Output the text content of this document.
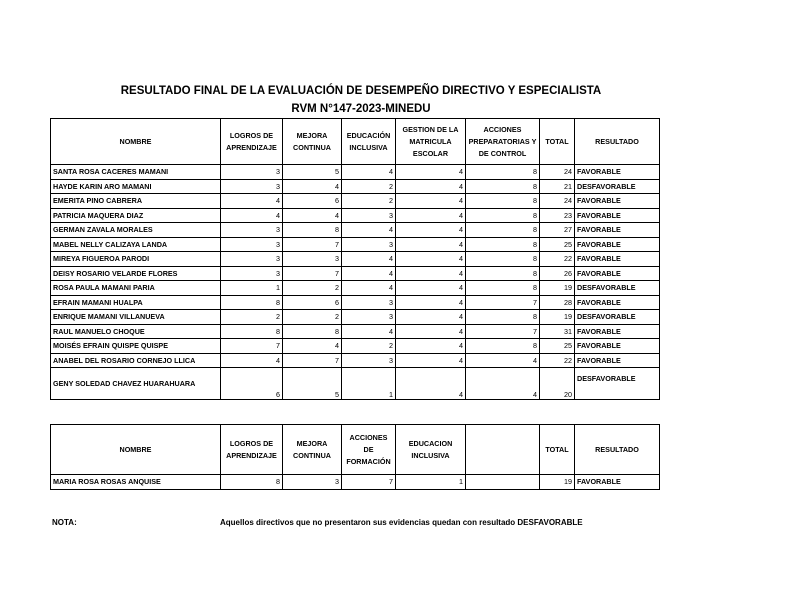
RESULTADO FINAL DE LA EVALUACIÓN DE DESEMPEÑO DIRECTIVO Y ESPECIALISTA
RVM N°147-2023-MINEDU
NOMBRE	LOGROS DE APRENDIZAJE	MEJORA CONTINUA	EDUCACIÓN INCLUSIVA	GESTION DE LA MATRICULA ESCOLAR	ACCIONES PREPARATORIAS Y DE CONTROL	TOTAL	RESULTADO
SANTA ROSA CACERES MAMANI	3	5	4	4	8	24	FAVORABLE
HAYDE KARIN ARO MAMANI	3	4	2	4	8	21	DESFAVORABLE
EMERITA PINO CABRERA	4	6	2	4	8	24	FAVORABLE
PATRICIA MAQUERA DIAZ	4	4	3	4	8	23	FAVORABLE
GERMAN ZAVALA MORALES	3	8	4	4	8	27	FAVORABLE
MABEL NELLY CALIZAYA LANDA	3	7	3	4	8	25	FAVORABLE
MIREYA FIGUEROA PARODI	3	3	4	4	8	22	FAVORABLE
DEISY ROSARIO VELARDE FLORES	3	7	4	4	8	26	FAVORABLE
ROSA PAULA MAMANI PARIA	1	2	4	4	8	19	DESFAVORABLE
EFRAIN MAMANI HUALPA	8	6	3	4	7	28	FAVORABLE
ENRIQUE MAMANI VILLANUEVA	2	2	3	4	8	19	DESFAVORABLE
RAUL MANUELO CHOQUE	8	8	4	4	7	31	FAVORABLE
MOISÉS EFRAIN QUISPE QUISPE	7	4	2	4	8	25	FAVORABLE
ANABEL DEL ROSARIO CORNEJO LLICA	4	7	3	4	4	22	FAVORABLE
GENY SOLEDAD CHAVEZ HUARAHUARA	6	5	1	4	4	20	DESFAVORABLE
NOMBRE	LOGROS DE APRENDIZAJE	MEJORA CONTINUA	ACCIONES DE FORMACIÓN	EDUCACION INCLUSIVA		TOTAL	RESULTADO
MARIA ROSA ROSAS ANQUISE	8	3	7	1		19	FAVORABLE
NOTA:	Aquellos directivos que no presentaron sus evidencias quedan con resultado DESFAVORABLE
